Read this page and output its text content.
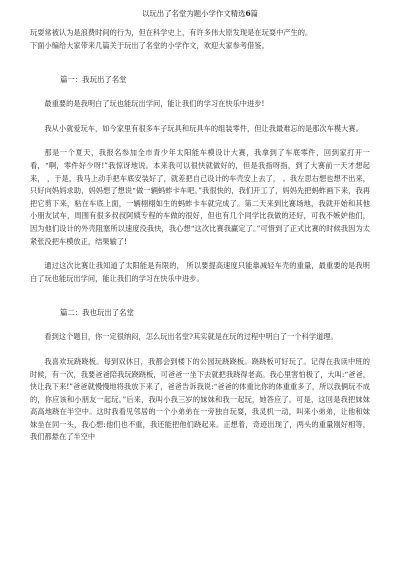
以玩出了名堂为题小学作文精选6篇

玩耍常被认为是浪费时间的行为，但在科学史上，有许多伟大原发现是在玩耍中产生的。

下面小编给大家带来几篇关于玩出了名堂的小学作文，欢迎大家参考借鉴。

篇一：我玩出了名堂

最重要的是我明白了玩也能玩出学问，能让我们的学习在快乐中进步!

我从小就爱玩车，如今家里有很多车子玩具和玩具车的组装零件，但让我最难忘的是那次车模大赛。

那是一个夏天，我报名参加全市青少年太阳能车模设计大赛，我拿到了车底零件，回到家打开一看，“啊，零件好少呀!”我惊讶地说。本来我可以很快就做好的，但是我指呀指，到了大赛前一天才想起来， ，于是，我马上动手把车底安装好了，就差把自己设计的车壳安上去了， 。我左思右想也想不出来，只好向妈妈求助，妈妈想了想说“做一辆蚂蚱卡车吧。”我很快的，我们开工了，妈妈先把蚂蚱画下来，我再把它剪下来，粘在车底上面，一辆栩栩如生的蚂蚱卡车就完成了。第二天来到比赛场地，我就开始和其他小朋友试车，周围有很多叔叔阿姨专程的车做的很好，但也有几个同学比我做的还好，可我不嫉妒他们，因为他们设计的外壳阻塞所以速度没我快，我心想“这次比赛我赢定了。”可惜到了正式比赛的时候我因为太紧张没把车模放正，结果输了!

通过这次比赛让我知道了太阳能是有限的， 所以要提高速度只能靠减轻车壳的重量，最重要的是我明白了玩也能玩出学问，能让我们的学习在快乐中进步。

篇二：我也玩出了名堂

看到这个题目，你一定很纳闷，怎么玩出名堂?其实就是在玩的过程中明白了一个科学道理。

我喜欢玩跷跷板。每到双休日，我都会到楼下的公园玩跷跷板。跷跷板可好玩了。记得在我读中班的时候，有一次，我要爸爸陪我玩跷跷板，可爸爸一坐下去就把我跷得老高。我心里害怕极了，大叫:“爸爸，快让我下来!”爸爸就慢慢地将我放下来了，爸爸告诉我说:“爸爸的体重比你的体重重多了，所以我俩玩不成的，你应该和小朋友一起玩。”后来，我叫小我三岁的妹妹和我一起玩，她答应了。可是，这回是我把妹妹高高地跷在半空中。这时我看见邻居的一个小弟弟在一旁独自玩耍，我灵机一动，叫来小弟弟，让他和妹妹坐在同一头，我心想:他们也不重，我还能把他们跷起来。正想着，奇迹出现了，两头的重量刚好相等，我们都悬在了半空中
